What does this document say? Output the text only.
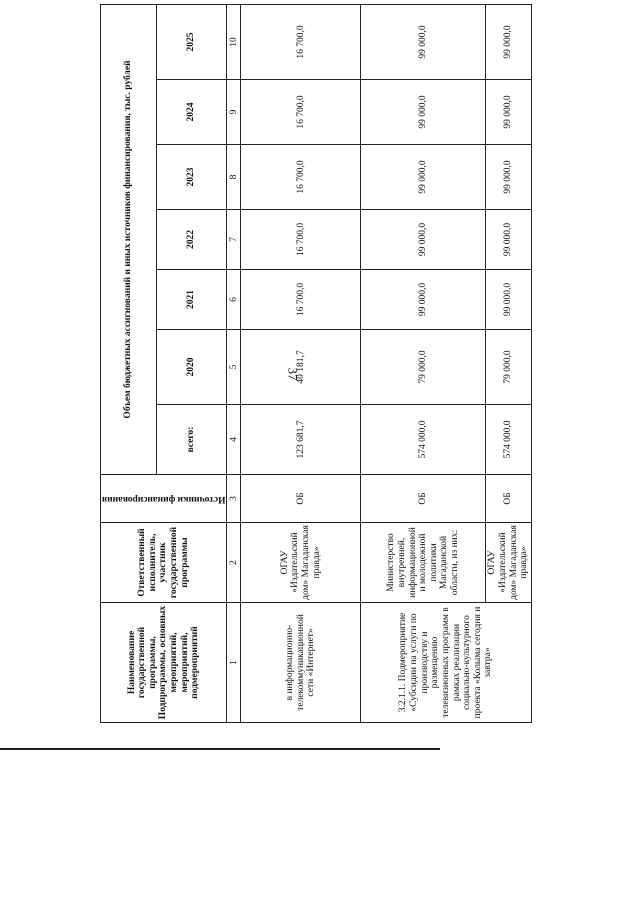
37
Наименование государственной программы, Подпрограммы, основных мероприятий, мероприятий, подмероприятий	Ответственный исполнитель, участник государственной программы	Источники финансирования	Объем бюджетных ассигнований и иных источников финансирования, тыс. рублей						
			всего:	2020	2021	2022	2023	2024	2025
1	2	3	4	5	6	7	8	9	10
в информационно-телекоммуникационной сети «Интернет»	ОГАУ «Издательский дом» Магаданская правда»	ОБ	123 681,7	40 181,7	16 700,0	16 700,0	16 700,0	16 700,0	16 700,0
3.2.1.1. Подмероприятие «Субсидии на услуги по производству и размещению телевизионных программ в рамках реализации социально-культурного проекта «Колыма сегодня и завтра»	Министерство внутренней, информационной и молодежной политики Магаданской области, из них:	ОБ	574 000,0	79 000,0	99 000,0	99 000,0	99 000,0	99 000,0	99 000,0
	ОГАУ «Издательский дом» Магаданская правда»	ОБ	574 000,0	79 000,0	99 000,0	99 000,0	99 000,0	99 000,0	99 000,0
